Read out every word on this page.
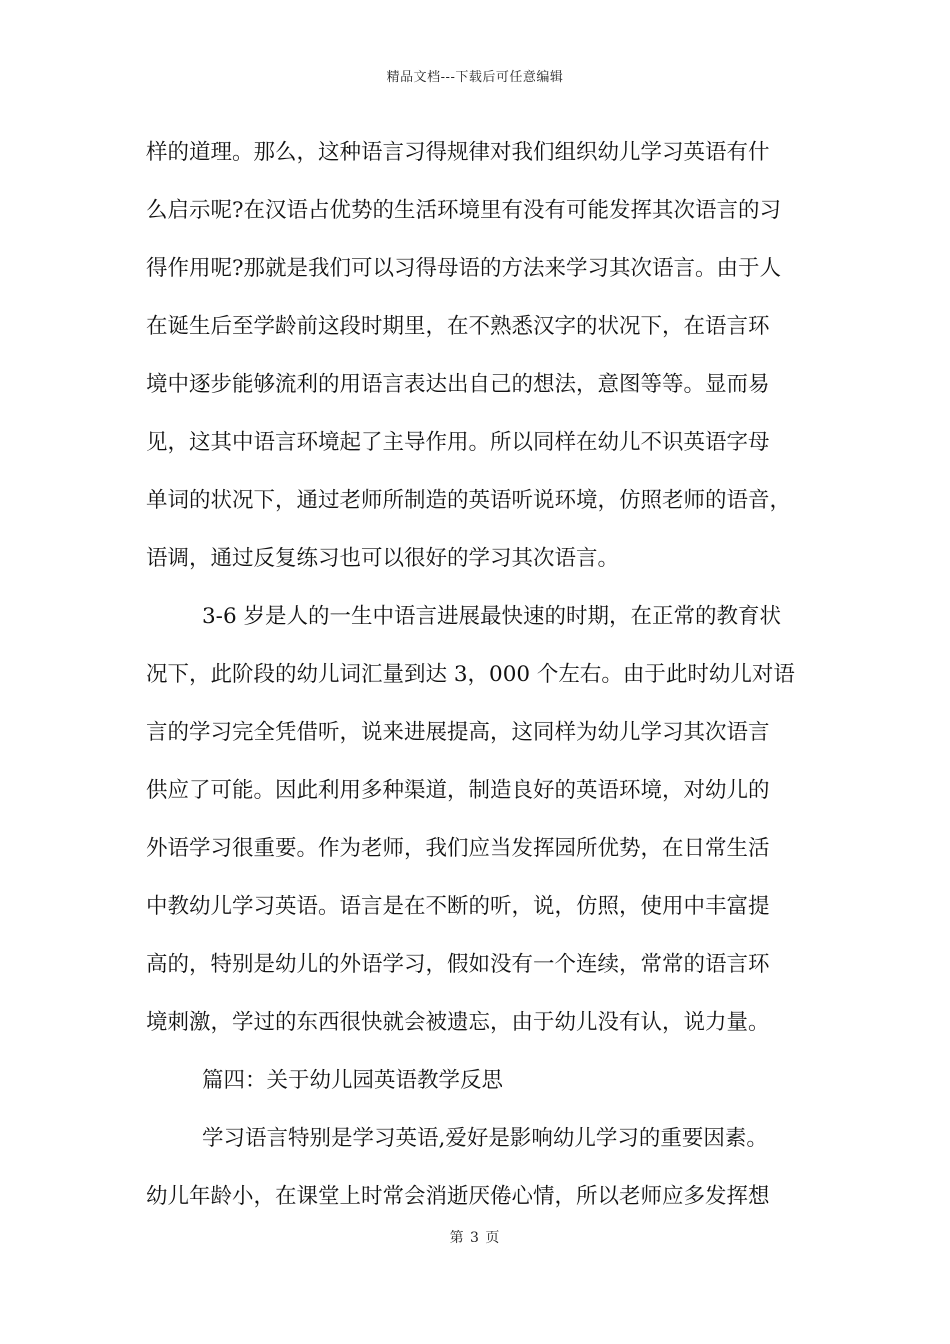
精品文档---下载后可任意编辑
样的道理。那么，这种语言习得规律对我们组织幼儿学习英语有什
么启示呢?在汉语占优势的生活环境里有没有可能发挥其次语言的习
得作用呢?那就是我们可以习得母语的方法来学习其次语言。由于人
在诞生后至学龄前这段时期里，在不熟悉汉字的状况下，在语言环
境中逐步能够流利的用语言表达出自己的想法，意图等等。显而易
见，这其中语言环境起了主导作用。所以同样在幼儿不识英语字母
单词的状况下，通过老师所制造的英语听说环境，仿照老师的语音，
语调，通过反复练习也可以很好的学习其次语言。
3-6 岁是人的一生中语言进展最快速的时期，在正常的教育状
况下，此阶段的幼儿词汇量到达 3，000 个左右。由于此时幼儿对语
言的学习完全凭借听，说来进展提高，这同样为幼儿学习其次语言
供应了可能。因此利用多种渠道，制造良好的英语环境，对幼儿的
外语学习很重要。作为老师，我们应当发挥园所优势，在日常生活
中教幼儿学习英语。语言是在不断的听，说，仿照，使用中丰富提
高的，特别是幼儿的外语学习，假如没有一个连续，常常的语言环
境刺激，学过的东西很快就会被遗忘，由于幼儿没有认，说力量。
篇四：关于幼儿园英语教学反思
学习语言特别是学习英语,爱好是影响幼儿学习的重要因素。
幼儿年龄小，在课堂上时常会消逝厌倦心情，所以老师应多发挥想
第 3 页
